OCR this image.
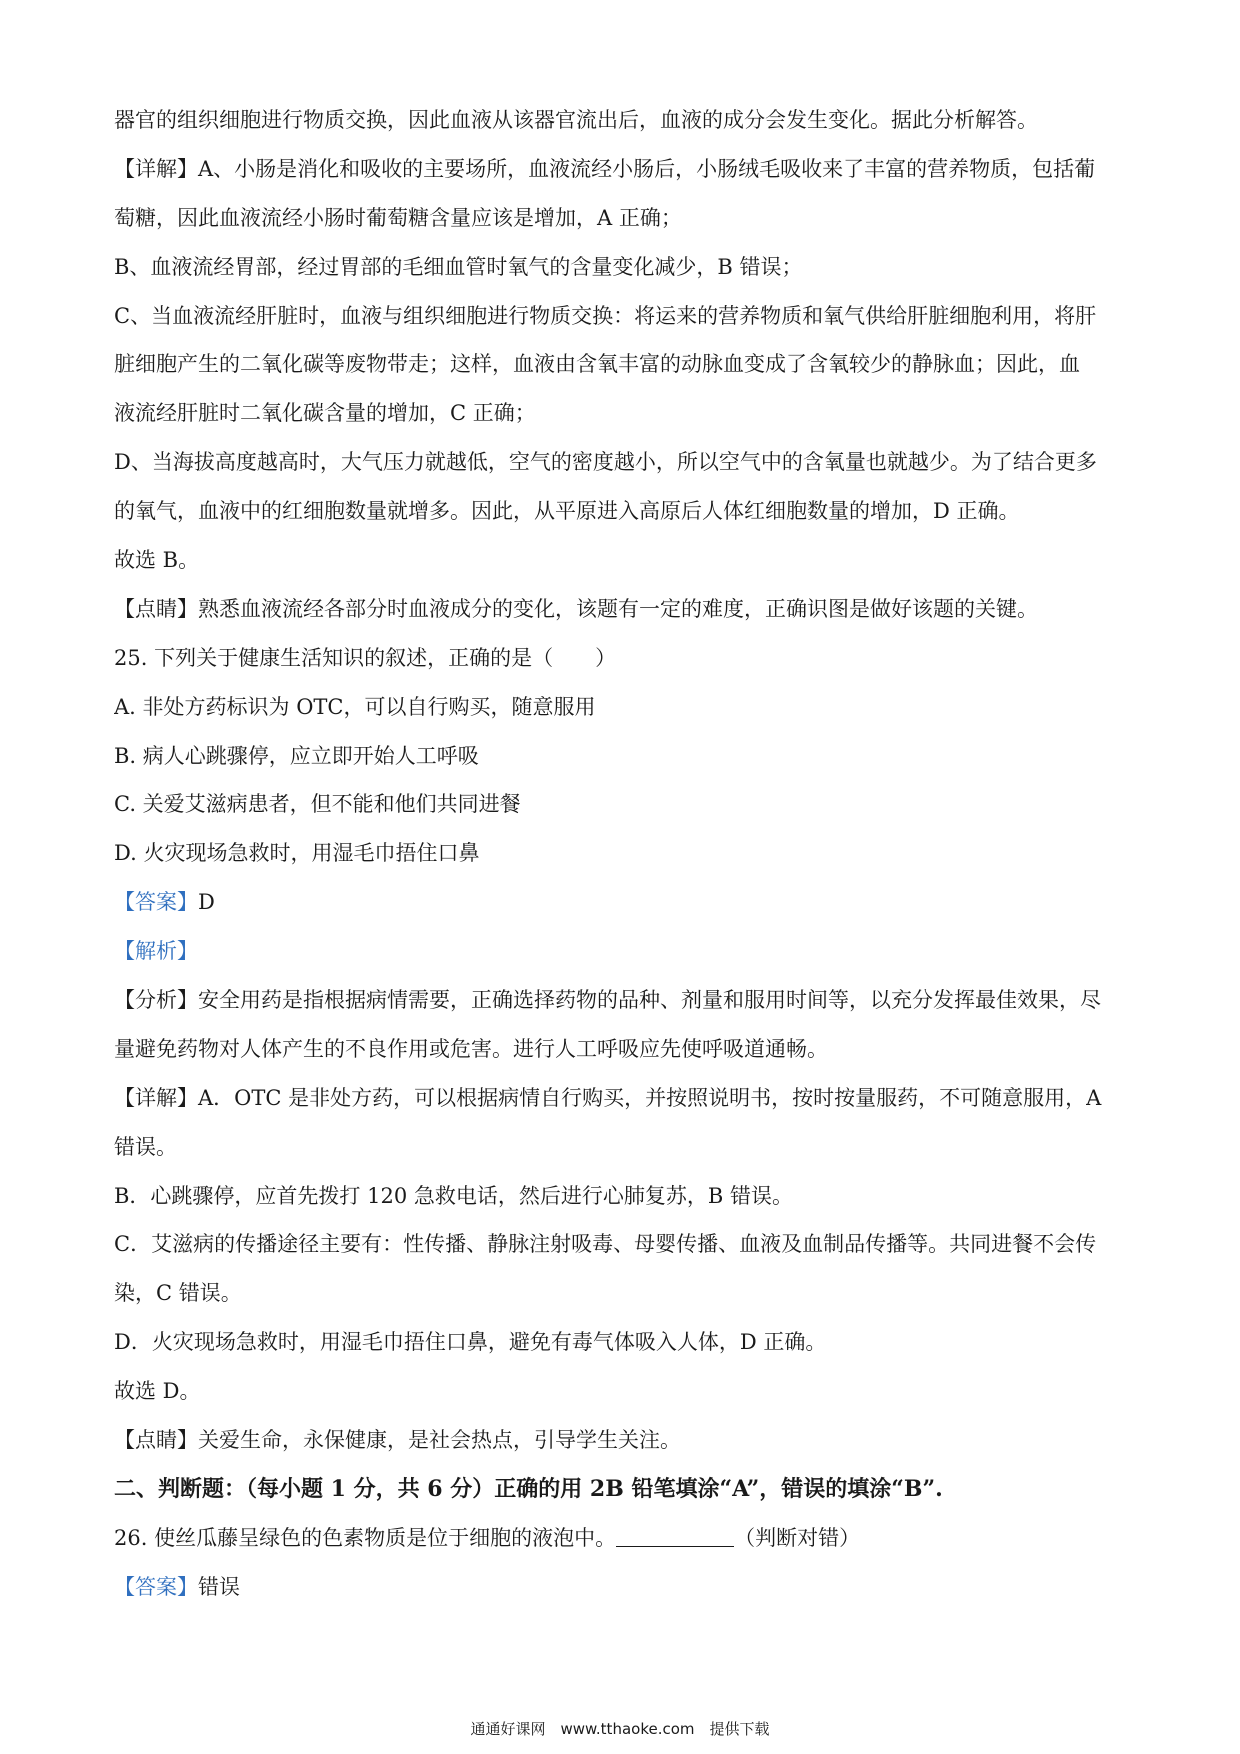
器官的组织细胞进行物质交换，因此血液从该器官流出后，血液的成分会发生变化。据此分析解答。
【详解】A、小肠是消化和吸收的主要场所，血液流经小肠后，小肠绒毛吸收来了丰富的营养物质，包括葡
萄糖，因此血液流经小肠时葡萄糖含量应该是增加，A 正确；
B、血液流经胃部，经过胃部的毛细血管时氧气的含量变化减少，B 错误；
C、当血液流经肝脏时，血液与组织细胞进行物质交换：将运来的营养物质和氧气供给肝脏细胞利用，将肝
脏细胞产生的二氧化碳等废物带走；这样，血液由含氧丰富的动脉血变成了含氧较少的静脉血；因此，血
液流经肝脏时二氧化碳含量的增加，C 正确；
D、当海拔高度越高时，大气压力就越低，空气的密度越小，所以空气中的含氧量也就越少。为了结合更多
的氧气，血液中的红细胞数量就增多。因此，从平原进入高原后人体红细胞数量的增加，D 正确。
故选 B。
【点睛】熟悉血液流经各部分时血液成分的变化，该题有一定的难度，正确识图是做好该题的关键。
25. 下列关于健康生活知识的叙述，正确的是（　　）
A. 非处方药标识为 OTC，可以自行购买，随意服用
B. 病人心跳骤停，应立即开始人工呼吸
C. 关爱艾滋病患者，但不能和他们共同进餐
D. 火灾现场急救时，用湿毛巾捂住口鼻
【答案】D
【解析】
【分析】安全用药是指根据病情需要，正确选择药物的品种、剂量和服用时间等，以充分发挥最佳效果，尽
量避免药物对人体产生的不良作用或危害。进行人工呼吸应先使呼吸道通畅。
【详解】A．OTC 是非处方药，可以根据病情自行购买，并按照说明书，按时按量服药，不可随意服用，A
错误。
B．心跳骤停，应首先拨打 120 急救电话，然后进行心肺复苏，B 错误。
C．艾滋病的传播途径主要有：性传播、静脉注射吸毒、母婴传播、血液及血制品传播等。共同进餐不会传
染，C 错误。
D．火灾现场急救时，用湿毛巾捂住口鼻，避免有毒气体吸入人体，D 正确。
故选 D。
【点睛】关爱生命，永保健康，是社会热点，引导学生关注。
二、判断题：（每小题 1 分，共 6 分）正确的用 2B 铅笔填涂“A”，错误的填涂“B”.
26. 使丝瓜藤呈绿色的色素物质是位于细胞的液泡中。	（判断对错）
【答案】错误
通通好课网　www.tthaoke.com　提供下载
